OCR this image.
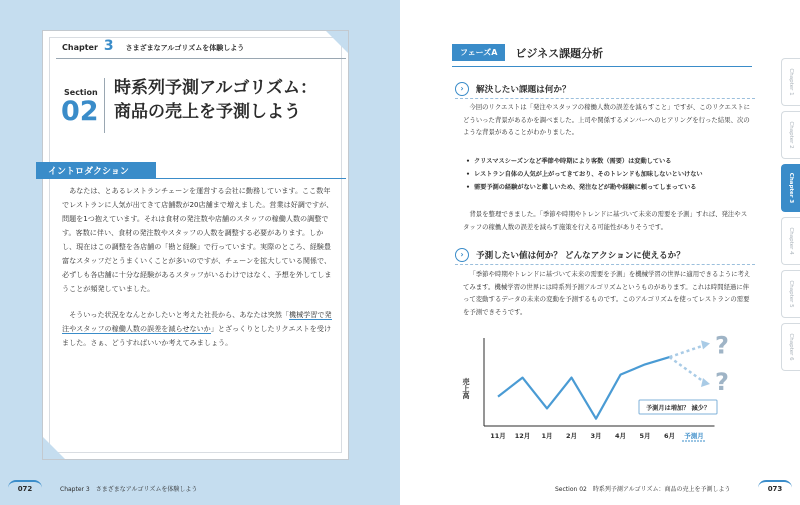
Chapter 3 さまざまなアルゴリズムを体験しよう
Section
02
時系列予測アルゴリズム：
商品の売上を予測しよう
イントロダクション

あなたは、とあるレストランチェーンを運営する会社に勤務しています。ここ数年でレストランに人気が出てきて店舗数が20店舗まで増えました。営業は好調ですが、問題を1つ抱えています。それは食材の発注数や店舗のスタッフの稼働人数の調整です。客数に伴い、食材の発注数やスタッフの人数を調整する必要があります。しかし、現在はこの調整を各店舗の「勘と経験」で行っています。実際のところ、経験豊富なスタッフだとうまくいくことが多いのですが、チェーンを拡大している関係で、必ずしも各店舗に十分な経験があるスタッフがいるわけではなく、予想を外してしまうことが頻発していました。

そういった状況をなんとかしたいと考えた社長から、あなたは突然「機械学習で発注やスタッフの稼働人数の誤差を減らせないか」とざっくりとしたリクエストを受けました。さぁ、どうすればいいか考えてみましょう。

072	Chapter 3　さまざまなアルゴリズムを体験しよう
フェーズA	ビジネス課題分析
›	解決したい課題は何か？

今回のリクエストは「発注やスタッフの稼働人数の誤差を減らすこと」ですが、このリクエストにどういった背景があるかを調べました。上司や関係するメンバーへのヒアリングを行った結果、次のような背景があることがわかりました。

• クリスマスシーズンなど季節や時期により客数（需要）は変動している
• レストラン自体の人気が上がってきており、そのトレンドも加味しないといけない
• 需要予測の経験がないと難しいため、発注などが勘や経験に頼ってしまっている

背景を整理できました。「季節や時期やトレンドに基づいて未来の需要を予測」すれば、発注やスタッフの稼働人数の誤差を減らす施策を行える可能性がありそうです。

›	予測したい値は何か？ どんなアクションに使えるか？

「季節や時期やトレンドに基づいて未来の需要を予測」を機械学習の世界に適用できるように考えてみます。機械学習の世界には時系列予測アルゴリズムというものがあります。これは時間経過に伴って変動するデータの未来の変動を予測するものです。このアルゴリズムを使ってレストランの需要を予測できそうです。

売上高
11月 12月 1月 2月 3月 4月 5月 6月 予測月
?
?
予測月は増加？ 減少？
Section 02　時系列予測アルゴリズム：商品の売上を予測しよう	073
Chapter 1
Chapter 2
Chapter 3
Chapter 4
Chapter 5
Chapter 6
